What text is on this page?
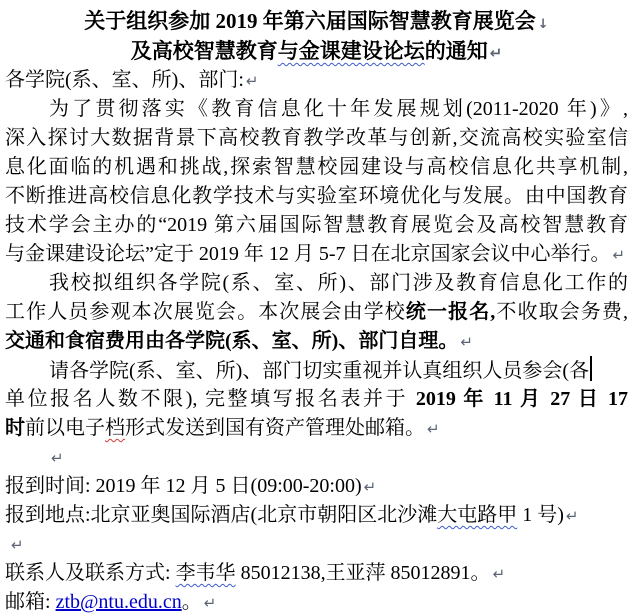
关于组织参加 2019 年第六届国际智慧教育展览会 ↓
及高校智慧教育与金课建设论坛的通知 ↵
各学院(系、室、所)、部门: ↵
为了贯彻落实《教育信息化十年发展规划(2011-2020 年)》,
深入探讨大数据背景下高校教育教学改革与创新,交流高校实验室信
息化面临的机遇和挑战,探索智慧校园建设与高校信息化共享机制,
不断推进高校信息化教学技术与实验室环境优化与发展。由中国教育
技术学会主办的“2019 第六届国际智慧教育展览会及高校智慧教育
与金课建设论坛”定于 2019 年 12 月 5-7 日在北京国家会议中心举行。 ↵
我校拟组织各学院(系、室、所)、部门涉及教育信息化工作的
工作人员参观本次展览会。本次展会由学校统一报名,不收取会务费,
交通和食宿费用由各学院(系、室、所)、部门自理。 ↵
请各学院(系、室、所)、部门切实重视并认真组织人员参会(各
单位报名人数不限), 完整填写报名表并于 2019 年 11 月 27 日 17
时前以电子档形式发送到国有资产管理处邮箱。 ↵
↵
报到时间: 2019 年 12 月 5 日(09:00-20:00) ↵
报到地点:北京亚奥国际酒店(北京市朝阳区北沙滩大屯路甲 1 号) ↵
↵
联系人及联系方式: 李韦华 85012138,王亚萍 85012891。 ↵
邮箱: ztb@ntu.edu.cn。 ↵
